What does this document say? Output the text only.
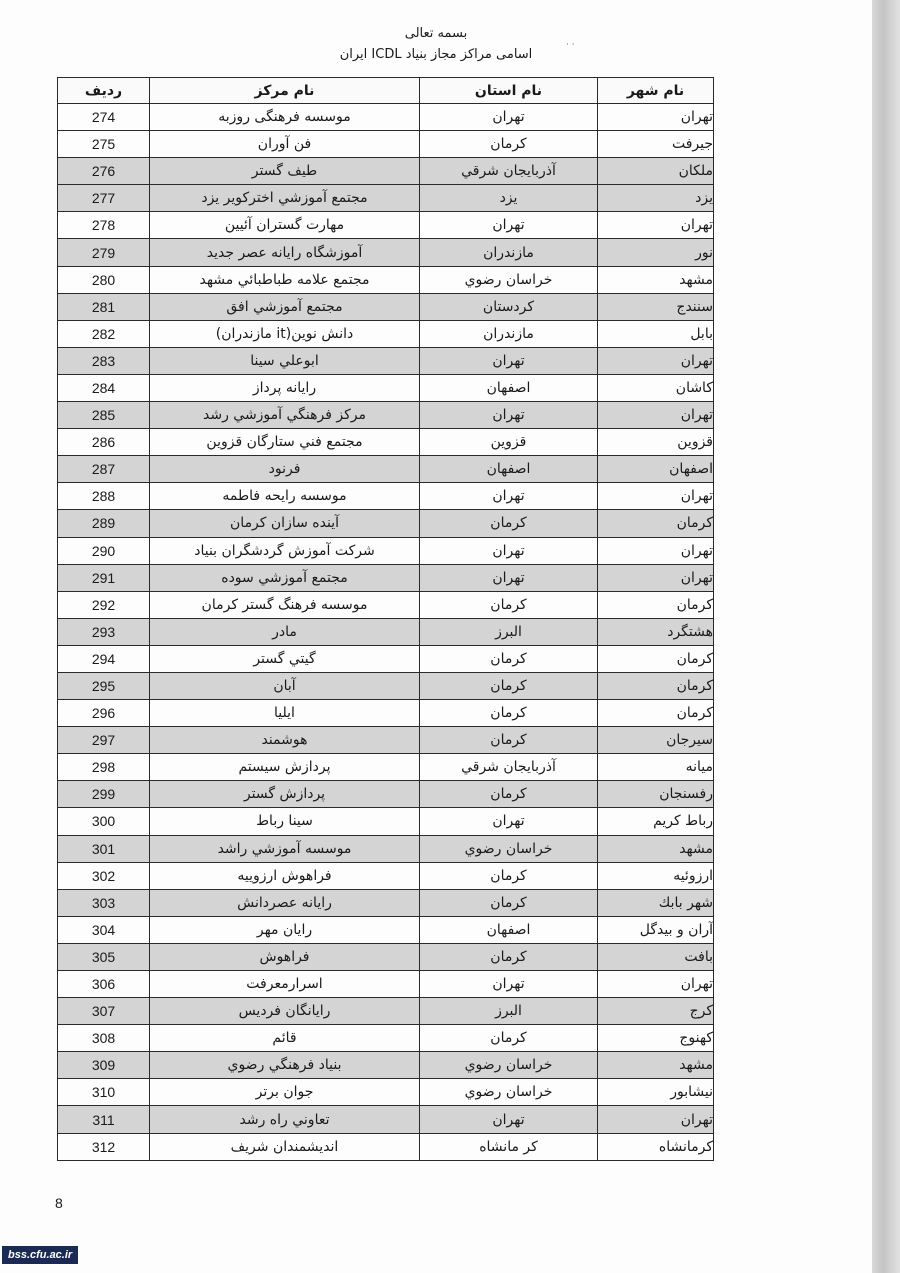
بسمه تعالی
· ·
اسامی مراکز مجاز بنیاد ICDL ایران
نام شهر	نام استان	نام مرکز	ردیف
تهران	تهران	موسسه فرهنگی روزبه	274
جيرفت	كرمان	فن آوران	275
ملكان	آذربايجان شرقي	طيف گستر	276
يزد	يزد	مجتمع آموزشي اخترکوير يزد	277
تهران	تهران	مهارت گستران آئيين	278
نور	مازندران	آموزشگاه رايانه عصر جديد	279
مشهد	خراسان رضوي	مجتمع علامه طباطبائي مشهد	280
سنندج	كردستان	مجتمع آموزشي افق	281
بابل	مازندران	دانش نوين(it مازندران)	282
تهران	تهران	ابوعلي سينا	283
كاشان	اصفهان	رايانه پرداز	284
تهران	تهران	مركز فرهنگي آموزشي رشد	285
قزوين	قزوين	مجتمع فني ستارگان قزوين	286
اصفهان	اصفهان	فرنود	287
تهران	تهران	موسسه رايحه فاطمه	288
كرمان	كرمان	آينده سازان كرمان	289
تهران	تهران	شركت آموزش گردشگران بنياد	290
تهران	تهران	مجتمع آموزشي سوده	291
كرمان	كرمان	موسسه فرهنگ گستر كرمان	292
هشتگرد	البرز	مادر	293
كرمان	كرمان	گيتي گستر	294
كرمان	كرمان	آبان	295
كرمان	كرمان	ايليا	296
سيرجان	كرمان	هوشمند	297
ميانه	آذربايجان شرقي	پردازش سيستم	298
رفسنجان	كرمان	پردازش گستر	299
رباط كريم	تهران	سينا رباط	300
مشهد	خراسان رضوي	موسسه آموزشي راشد	301
ارزوئيه	كرمان	فراهوش ارزوييه	302
شهر بابك	كرمان	رايانه عصردانش	303
آران و بيدگل	اصفهان	رايان مهر	304
بافت	كرمان	فراهوش	305
تهران	تهران	اسرارمعرفت	306
كرج	البرز	رايانگان فرديس	307
كهنوج	كرمان	قائم	308
مشهد	خراسان رضوي	بنياد فرهنگي رضوي	309
نيشابور	خراسان رضوي	جوان برتر	310
تهران	تهران	تعاوني راه رشد	311
كرمانشاه	كر مانشاه	انديشمندان شريف	312
8
bss.cfu.ac.ir
